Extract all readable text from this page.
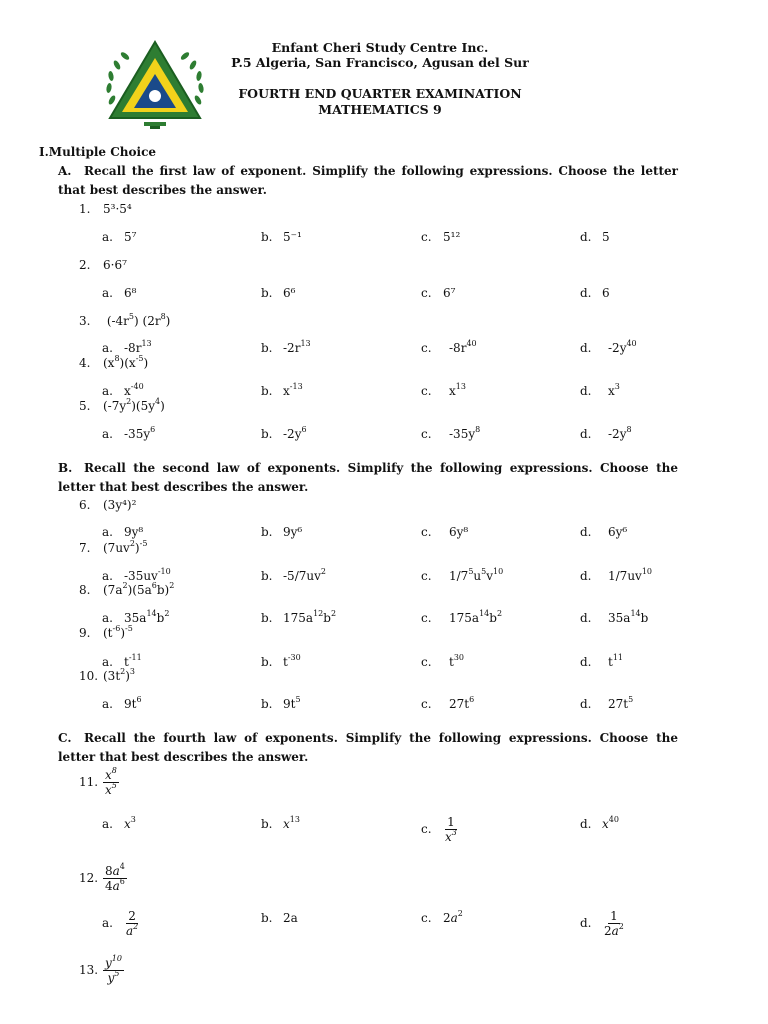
Enfant Cheri Study Centre Inc.
P.5 Algeria, San Francisco, Agusan del Sur
FOURTH END QUARTER EXAMINATION
MATHEMATICS 9
I.Multiple Choice
A. Recall the first law of exponent. Simplify the following expressions. Choose the letter that best describes the answer.
1. 5³·5⁴
a. 5⁷	b. 5⁻¹	c. 5¹²	d. 5
2. 6·6⁷
a. 6⁸	b. 6⁶	c. 6⁷	d. 6
3. $(-4r^5)$ $(2r^8)$
a. $-8r^{13}$	b. $-2r^{13}$	c. $-8r^{40}$	d. $-2y^{40}$
4. $(x^8)(x^{-5})$
a. $x^{-40}$	b. $x^{-13}$	c. $x^{13}$	d. $x^3$
5. $(-7y^2)(5y^4)$
a. $-35y^6$	b. $-2y^6$	c. $-35y^8$	d. $-2y^8$
B. Recall the second law of exponents. Simplify the following expressions. Choose the letter that best describes the answer.
6. (3y⁴)²
a. 9y⁸	b. 9y⁶	c. 6y⁸	d. 6y⁶
7. $(7uv^2)^{-5}$
a. $-35uv^{-10}$	b. $-5/7uv^2$	c. $1/7^5u^5v^{10}$	d. $1/7uv^{10}$
8. $(7a^2)(5a^6b)^2$
a. $35a^{14}b^2$	b. $175a^{12}b^2$	c. $175a^{14}b^2$	d. $35a^{14}b$
9. $(t^{-6})^{-5}$
a. $t^{-11}$	b. $t^{-30}$	c. $t^{30}$	d. $t^{11}$
10. $(3t^2)^3$
a. $9t^6$	b. $9t^5$	c. $27t^6$	d. $27t^5$
C. Recall the fourth law of exponents. Simplify the following expressions. Choose the letter that best describes the answer.
11. $\frac{x^8}{x^5}$
a. $x^3$	b. $x^{13}$
c. $\frac{1}{x^3}$	d. $x^{40}$
12. $\frac{8a^4}{4a^6}$
a. $\frac{2}{a^2}$	b. 2a	c. $2a^2$
d. $\frac{1}{2a^2}$
13. $\frac{y^{10}}{y^5}$
